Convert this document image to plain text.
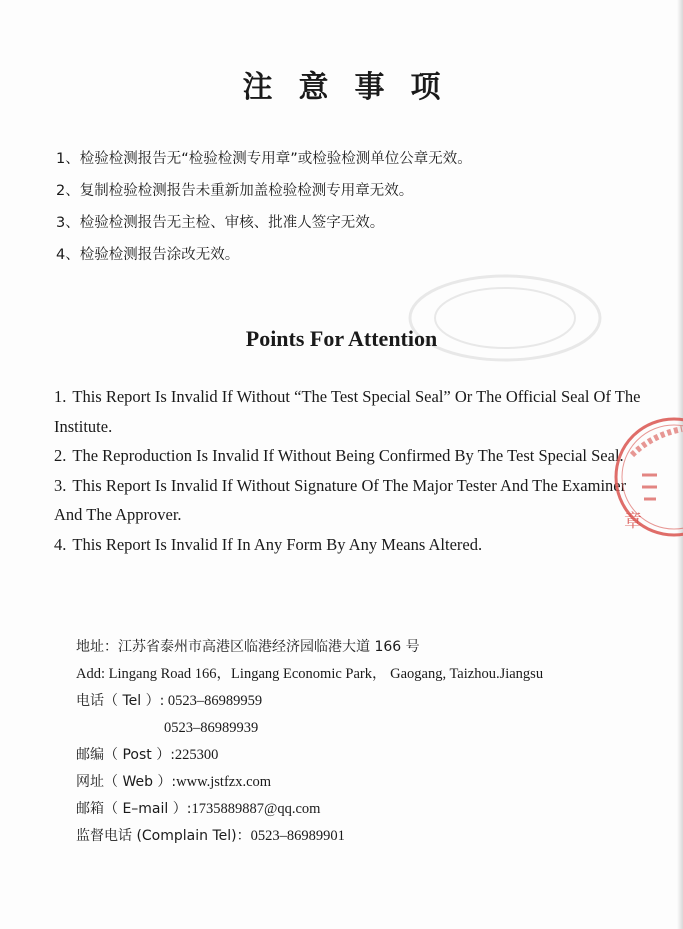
注意事项
1、检验检测报告无“检验检测专用章”或检验检测单位公章无效。
2、复制检验检测报告未重新加盖检验检测专用章无效。
3、检验检测报告无主检、审核、批准人签字无效。
4、检验检测报告涂改无效。
Points For Attention
1. This Report Is Invalid If Without “The Test Special Seal” Or The Official Seal Of The Institute.
2. The Reproduction Is Invalid If Without Being Confirmed By The Test Special Seal.
3. This Report Is Invalid If Without Signature Of The Major Tester And The Examiner And The Approver.
4. This Report Is Invalid If In Any Form By Any Means Altered.
章
地址：江苏省泰州市高港区临港经济园临港大道 166 号
Add: Lingang Road 166，Lingang Economic Park， Gaogang, Taizhou.Jiangsu
电话（ Tel ）: 0523–86989959
0523–86989939
邮编（ Post ）:225300
网址（ Web ）:www.jstfzx.com
邮箱（ E–mail ）:1735889887@qq.com
监督电话 (Complain Tel)：0523–86989901
